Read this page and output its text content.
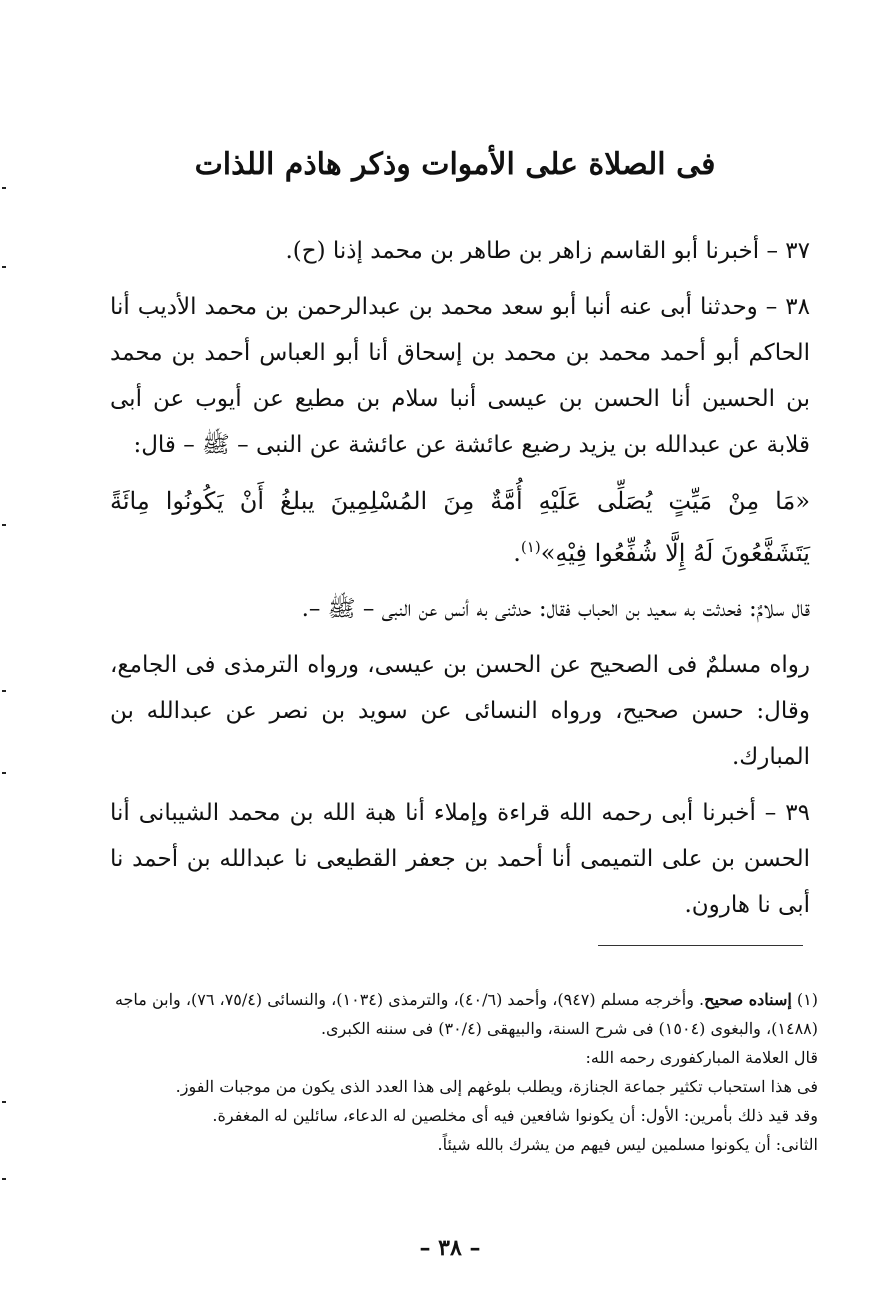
فى الصلاة على الأموات وذكر هاذم اللذات

٣٧ – أخبرنا أبو القاسم زاهر بن طاهر بن محمد إذنا (ح).

٣٨ – وحدثنا أبى عنه أنبا أبو سعد محمد بن عبدالرحمن بن محمد الأديب أنا الحاكم أبو أحمد محمد بن محمد بن إسحاق أنا أبو العباس أحمد بن محمد بن الحسين أنا الحسن بن عيسى أنبا سلام بن مطيع عن أيوب عن أبى قلابة عن عبدالله بن يزيد رضيع عائشة عن عائشة عن النبى – ﷺ – قال:

«مَا مِنْ مَيِّتٍ يُصَلِّى عَلَيْهِ أُمَّةٌ مِنَ المُسْلِمِينَ يبلغُ أَنْ يَكُونُوا مِائَةً يَتَشَفَّعُونَ لَهُ إِلَّا شُفِّعُوا فِيْهِ»$^{(١)}$.

قال سلامٌ: فحدثت به سعيد بن الحباب فقال: حدثنى به أنس عن النبى – ﷺ –.

رواه مسلمٌ فى الصحيح عن الحسن بن عيسى، ورواه الترمذى فى الجامع، وقال: حسن صحيح، ورواه النسائى عن سويد بن نصر عن عبدالله بن المبارك.

٣٩ – أخبرنا أبى رحمه الله قراءة وإملاء أنا هبة الله بن محمد الشيبانى أنا الحسن بن على التميمى أنا أحمد بن جعفر القطيعى نا عبدالله بن أحمد نا أبى نا هارون.

(١) إسناده صحيح. وأخرجه مسلم (٩٤٧)، وأحمد (٤٠/٦)، والترمذى (١٠٣٤)، والنسائى (٧٥/٤، ٧٦)، وابن ماجه (١٤٨٨)، والبغوى (١٥٠٤) فى شرح السنة، والبيهقى (٣٠/٤) فى سننه الكبرى.

قال العلامة المباركفورى رحمه الله:

فى هذا استحباب تكثير جماعة الجنازة، ويطلب بلوغهم إلى هذا العدد الذى يكون من موجبات الفوز.

وقد قيد ذلك بأمرين: الأول: أن يكونوا شافعين فيه أى مخلصين له الدعاء، سائلين له المغفرة.

الثانى: أن يكونوا مسلمين ليس فيهم من يشرك بالله شيئاً.

– ٣٨ –
